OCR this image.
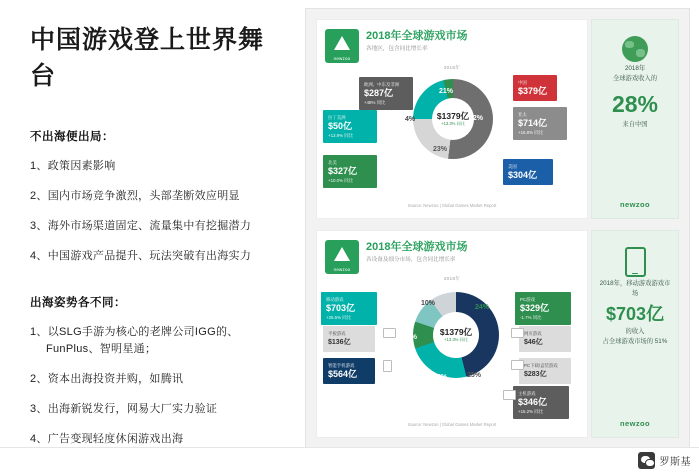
中国游戏登上世界舞台
不出海便出局：

1、政策因素影响

2、国内市场竞争激烈，头部垄断效应明显

3、海外市场渠道固定、流量集中有挖掘潜力

4、中国游戏产品提升、玩法突破有出海实力

出海姿势各不同：

1、以SLG手游为核心的老牌公司IGG的、
FunPlus、智明星通；

2、资本出海投资并购，如腾讯

3、出海新锐发行，网易大厂实力验证

4、广告变现轻度休闲游戏出海

newzoo
2018年全球游戏市场
各地区，包含同比增长率
2018年
$1379亿
+13.3% 同比
52%
23%
21%
4%
北美
$327亿
+10.0% 同比
拉丁美洲
$50亿
+13.9% 同比
欧洲、中东及非洲
$287亿
+48% 同比
亚太
$714亿
+16.8% 同比
中国
$379亿
美国
$304亿
Source: Newzoo | Global Games Market Report
newzoo
2018年全球游戏市场
各设备及细分市场，包含同比增长率
2018年
$1379亿
+13.3% 同比
47%
25%
24%
21%
10%
25%
移动游戏
$703亿
+25.5% 同比
PC游戏
$329亿
-1.7% 同比
平板游戏
$136亿
网页游戏
$46亿
智能手机游戏
$564亿
PC下载/盒装游戏
$283亿
主机游戏
$346亿
+15.2% 同比
Source: Newzoo | Global Games Market Report
2018年
全球游戏收入的
28%
来自中国
newzoo
2018年，移动游戏游戏市场
$703亿
的收入
占全球游戏市场的 51%
newzoo
罗斯基
